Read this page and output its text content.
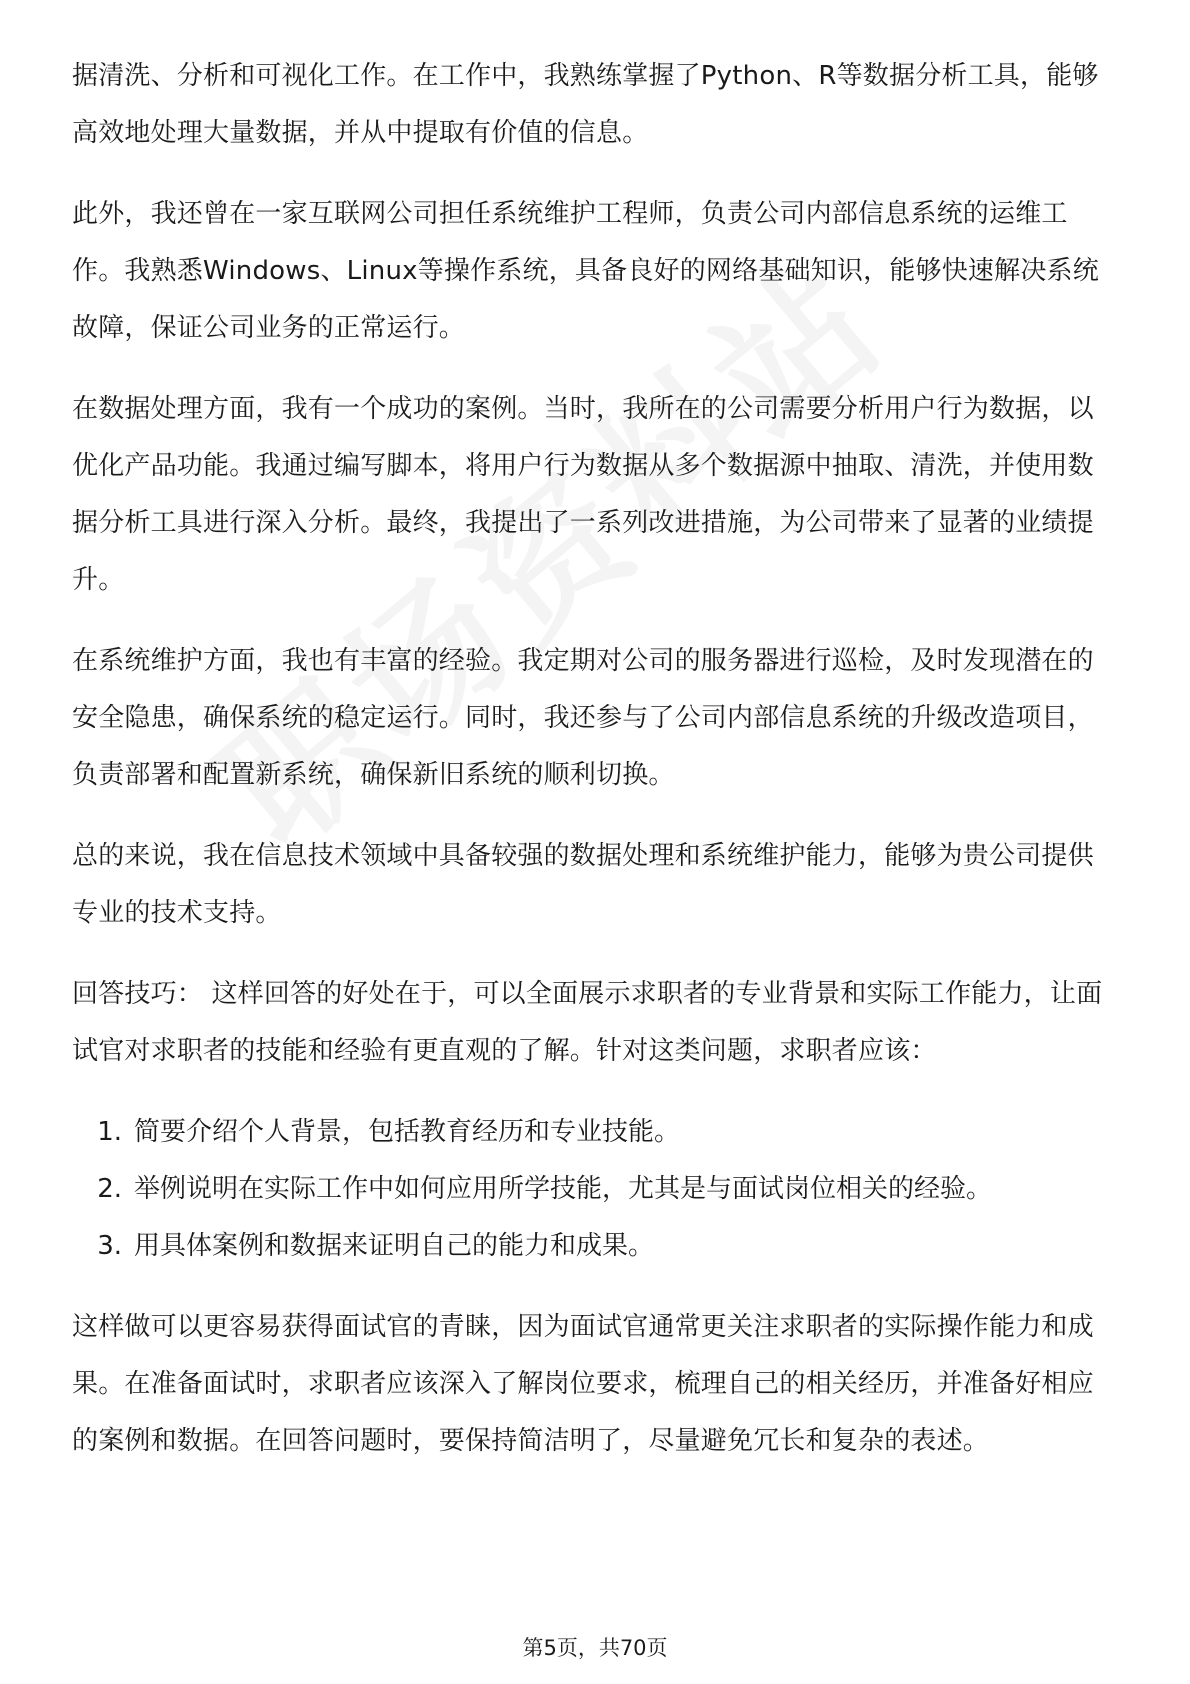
据清洗、分析和可视化工作。在工作中，我熟练掌握了Python、R等数据分析工具，能够高效地处理大量数据，并从中提取有价值的信息。

此外，我还曾在一家互联网公司担任系统维护工程师，负责公司内部信息系统的运维工作。我熟悉Windows、Linux等操作系统，具备良好的网络基础知识，能够快速解决系统故障，保证公司业务的正常运行。

在数据处理方面，我有一个成功的案例。当时，我所在的公司需要分析用户行为数据，以优化产品功能。我通过编写脚本，将用户行为数据从多个数据源中抽取、清洗，并使用数据分析工具进行深入分析。最终，我提出了一系列改进措施，为公司带来了显著的业绩提升。

在系统维护方面，我也有丰富的经验。我定期对公司的服务器进行巡检，及时发现潜在的安全隐患，确保系统的稳定运行。同时，我还参与了公司内部信息系统的升级改造项目，负责部署和配置新系统，确保新旧系统的顺利切换。

总的来说，我在信息技术领域中具备较强的数据处理和系统维护能力，能够为贵公司提供专业的技术支持。

回答技巧： 这样回答的好处在于，可以全面展示求职者的专业背景和实际工作能力，让面试官对求职者的技能和经验有更直观的了解。针对这类问题，求职者应该：

1. 简要介绍个人背景，包括教育经历和专业技能。
2. 举例说明在实际工作中如何应用所学技能，尤其是与面试岗位相关的经验。
3. 用具体案例和数据来证明自己的能力和成果。

这样做可以更容易获得面试官的青睐，因为面试官通常更关注求职者的实际操作能力和成果。在准备面试时，求职者应该深入了解岗位要求，梳理自己的相关经历，并准备好相应的案例和数据。在回答问题时，要保持简洁明了，尽量避免冗长和复杂的表述。

第5页，共70页
